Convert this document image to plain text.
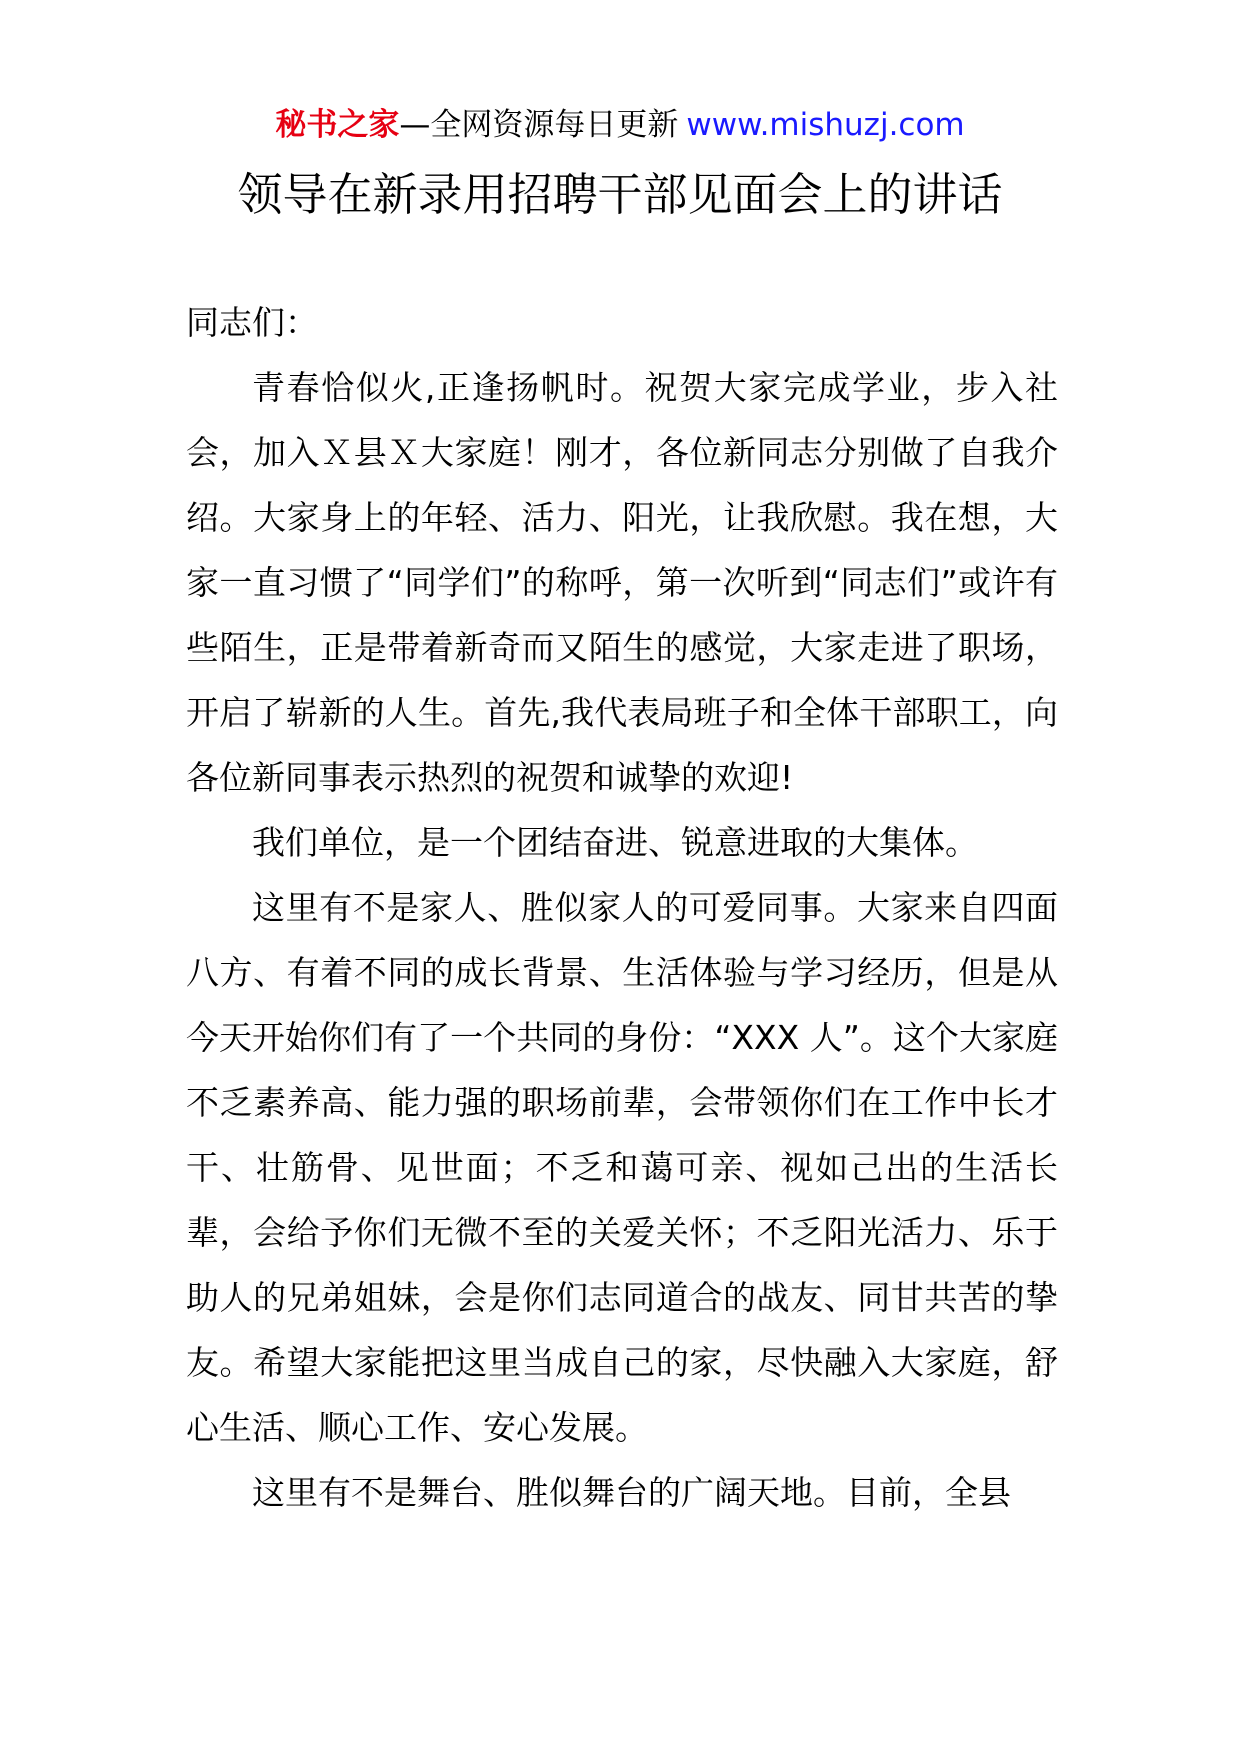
秘书之家—全网资源每日更新 www.mishuzj.com
领导在新录用招聘干部见面会上的讲话

同志们：

青春恰似火,正逢扬帆时。祝贺大家完成学业，步入社会，加入Ｘ县Ｘ大家庭！刚才，各位新同志分别做了自我介绍。大家身上的年轻、活力、阳光，让我欣慰。我在想，大家一直习惯了“同学们”的称呼，第一次听到“同志们”或许有些陌生，正是带着新奇而又陌生的感觉，大家走进了职场，开启了崭新的人生。首先,我代表局班子和全体干部职工，向各位新同事表示热烈的祝贺和诚挚的欢迎!

我们单位，是一个团结奋进、锐意进取的大集体。

这里有不是家人、胜似家人的可爱同事。大家来自四面八方、有着不同的成长背景、生活体验与学习经历，但是从今天开始你们有了一个共同的身份：“XXX 人”。这个大家庭不乏素养高、能力强的职场前辈，会带领你们在工作中长才干、壮筋骨、见世面；不乏和蔼可亲、视如己出的生活长辈，会给予你们无微不至的关爱关怀；不乏阳光活力、乐于助人的兄弟姐妹，会是你们志同道合的战友、同甘共苦的挚友。希望大家能把这里当成自己的家，尽快融入大家庭，舒心生活、顺心工作、安心发展。

这里有不是舞台、胜似舞台的广阔天地。目前，全县
